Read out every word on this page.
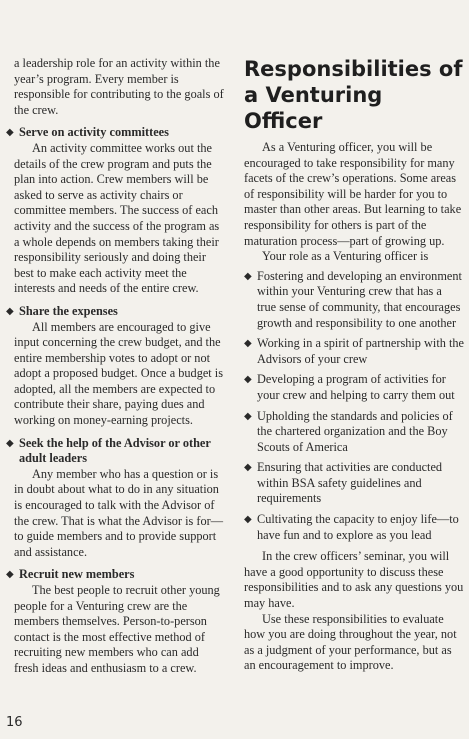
a leadership role for an activity within the year’s program. Every member is responsible for contributing to the goals of the crew.

◆ Serve on activity committees

An activity committee works out the details of the crew program and puts the plan into action. Crew members will be asked to serve as activity chairs or committee members. The success of each activity and the success of the program as a whole depends on members taking their responsibility seriously and doing their best to make each activity meet the interests and needs of the entire crew.

◆ Share the expenses

All members are encouraged to give input concerning the crew budget, and the entire membership votes to adopt or not adopt a proposed budget. Once a budget is adopted, all the members are expected to contribute their share, paying dues and working on money-earning projects.

◆ Seek the help of the Advisor or other adult leaders

Any member who has a question or is in doubt about what to do in any situation is encouraged to talk with the Advisor of the crew. That is what the Advisor is for—to guide members and to provide support and assistance.

◆ Recruit new members

The best people to recruit other young people for a Venturing crew are the members themselves. Person-to-person contact is the most effective method of recruiting new members who can add fresh ideas and enthusiasm to a crew.

Responsibilities of a Venturing Officer

As a Venturing officer, you will be encouraged to take responsibility for many facets of the crew’s operations. Some areas of responsibility will be harder for you to master than other areas. But learning to take responsibility for others is part of the maturation process—part of growing up.

Your role as a Venturing officer is

◆ Fostering and developing an environment within your Venturing crew that has a true sense of community, that encourages growth and responsibility to one another
◆ Working in a spirit of partnership with the Advisors of your crew
◆ Developing a program of activities for your crew and helping to carry them out
◆ Upholding the standards and policies of the chartered organization and the Boy Scouts of America
◆ Ensuring that activities are conducted within BSA safety guidelines and requirements
◆ Cultivating the capacity to enjoy life—to have fun and to explore as you lead

In the crew officers’ seminar, you will have a good opportunity to discuss these responsibilities and to ask any questions you may have.

Use these responsibilities to evaluate how you are doing throughout the year, not as a judgment of your performance, but as an encouragement to improve.

16
